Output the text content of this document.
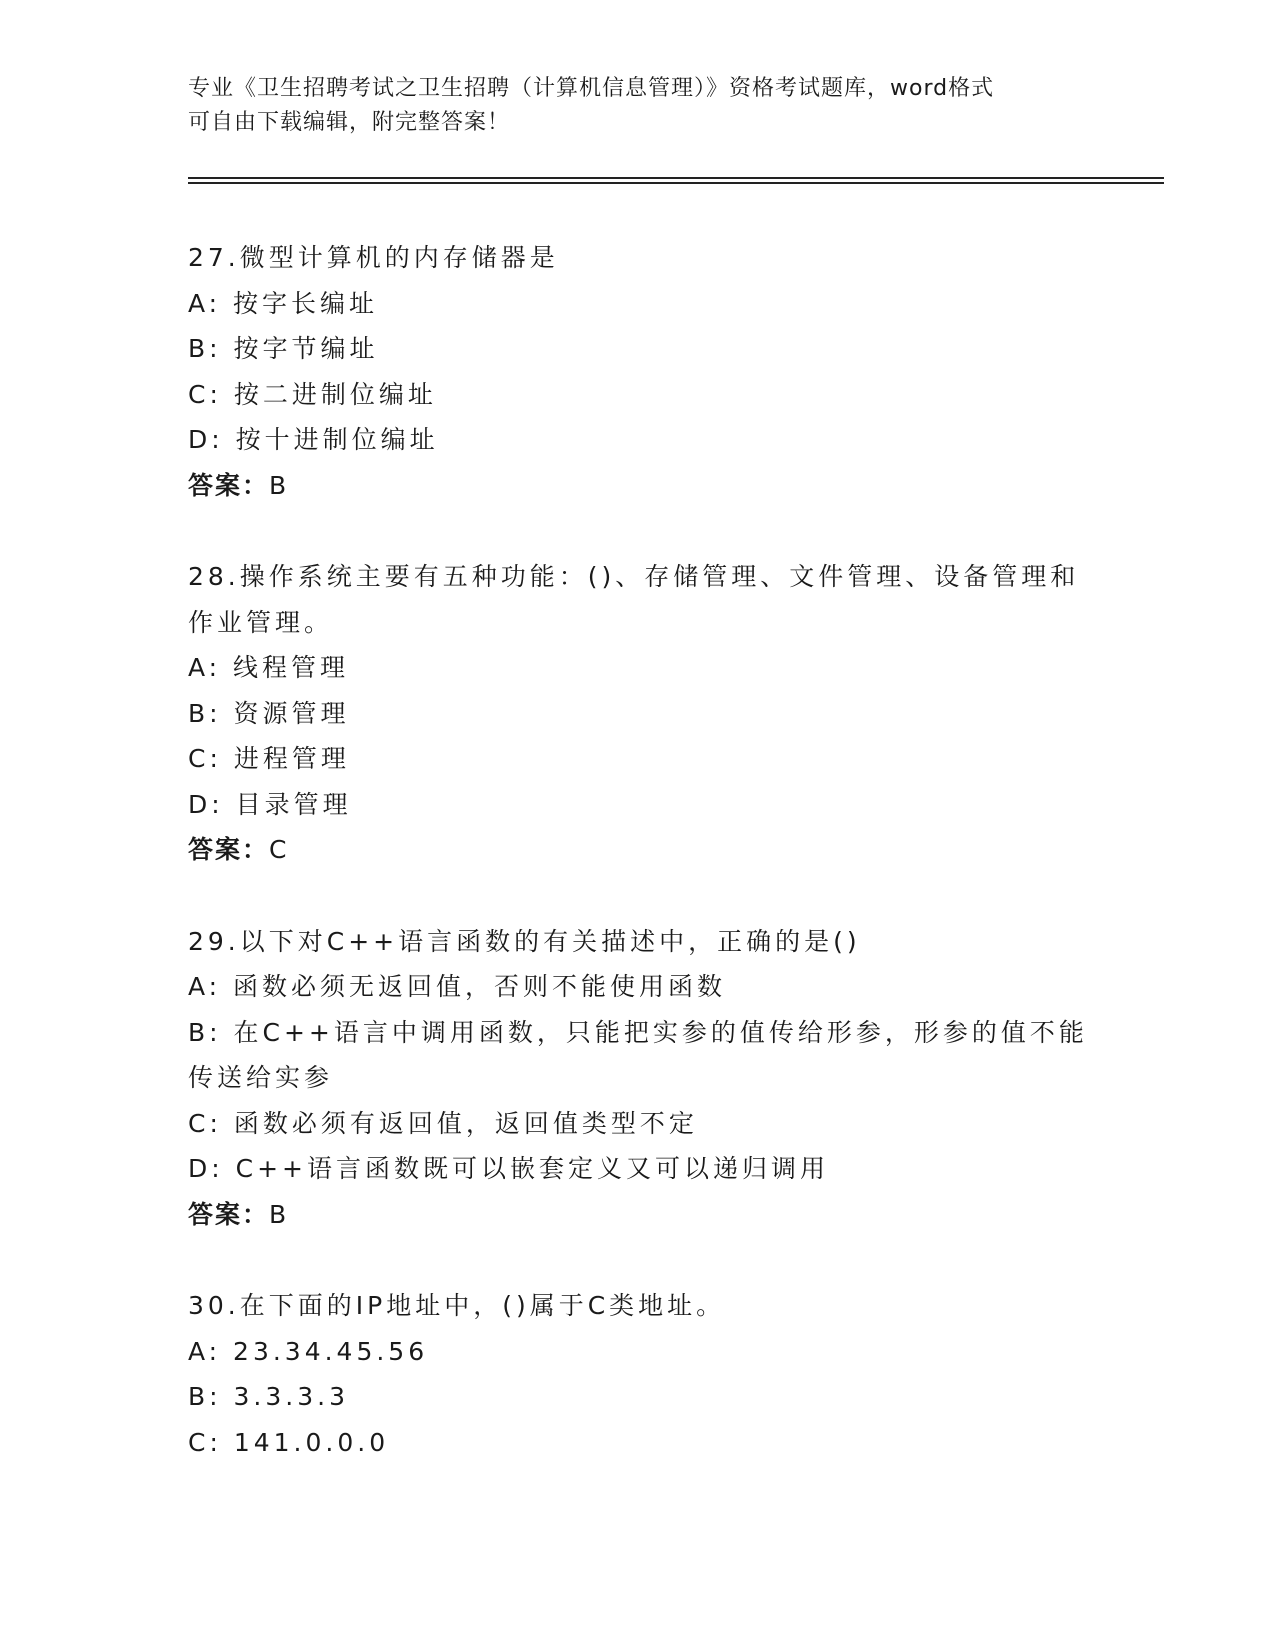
专业《卫生招聘考试之卫生招聘（计算机信息管理）》资格考试题库，word格式
可自由下载编辑，附完整答案！
27.微型计算机的内存储器是
A: 按字长编址
B: 按字节编址
C: 按二进制位编址
D: 按十进制位编址
答案：B
28.操作系统主要有五种功能：()、存储管理、文件管理、设备管理和
作业管理。
A: 线程管理
B: 资源管理
C: 进程管理
D: 目录管理
答案：C
29.以下对C++语言函数的有关描述中，正确的是()
A: 函数必须无返回值，否则不能使用函数
B: 在C++语言中调用函数，只能把实参的值传给形参，形参的值不能
传送给实参
C: 函数必须有返回值，返回值类型不定
D: C++语言函数既可以嵌套定义又可以递归调用
答案：B
30.在下面的IP地址中，()属于C类地址。
A: 23.34.45.56
B: 3.3.3.3
C: 141.0.0.0
